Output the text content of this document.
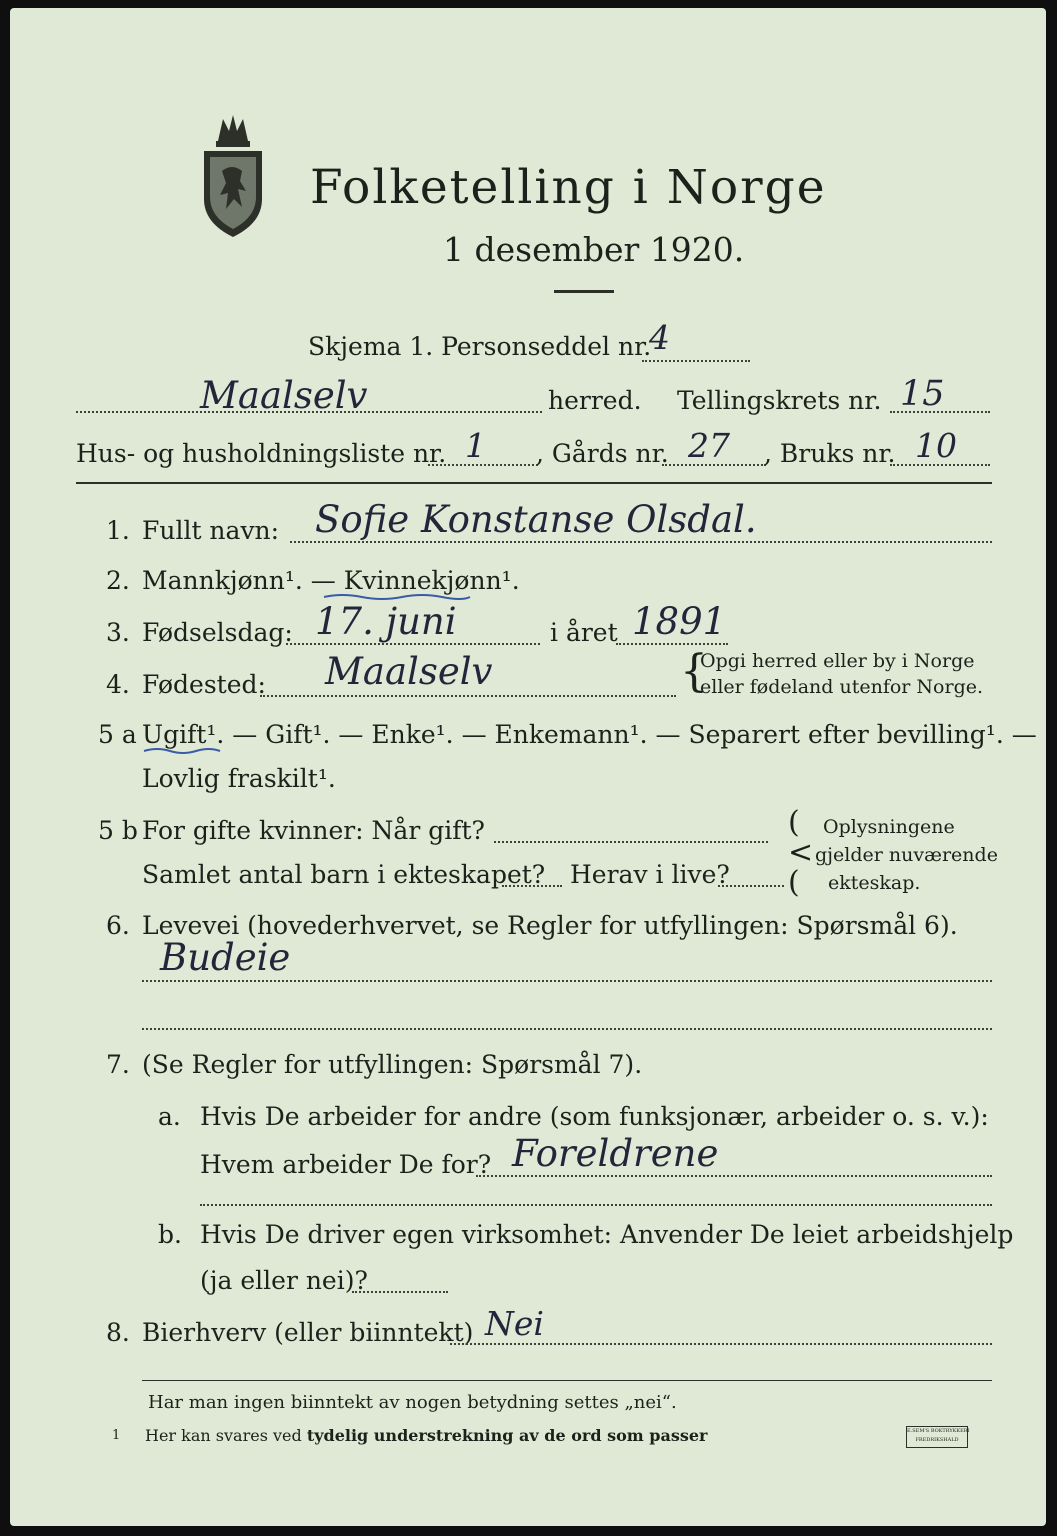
Folketelling i Norge
1 desember 1920.
Skjema 1. Personseddel nr.
4
Maalselv	herred. Tellingskrets nr. 15
Hus- og husholdningsliste nr. 1 , Gårds nr. 27 , Bruks nr. 10
1. Fullt navn: Sofie Konstanse Olsdal.
2. Mannkjønn¹. — Kvinnekjønn¹.
3. Fødselsdag: 17. juni	i året 1891
4. Fødested: Maalselv	{
Opgi herred eller by i Norge
eller fødeland utenfor Norge.
5 a Ugift¹. — Gift¹. — Enke¹. — Enkemann¹. — Separert efter bevilling¹. —
Lovlig fraskilt¹.
5 b For gifte kvinner: Når gift?
Samlet antal barn i ekteskapet? Herav i live?
(
<
(
Oplysningene
gjelder nuværende
ekteskap.
6. Levevei (hovederhvervet, se Regler for utfyllingen: Spørsmål 6).
Budeie
7. (Se Regler for utfyllingen: Spørsmål 7).
a. Hvis De arbeider for andre (som funksjonær, arbeider o. s. v.):
Hvem arbeider De for? Foreldrene
b. Hvis De driver egen virksomhet: Anvender De leiet arbeidshjelp
(ja eller nei)?
8. Bierhverv (eller biinntekt) Nei
Har man ingen biinntekt av nogen betydning settes „nei“.
1 Her kan svares ved tydelig understrekning av de ord som passer	E.SEM'S BOKTRYKKERI
FREDRIKSHALD
